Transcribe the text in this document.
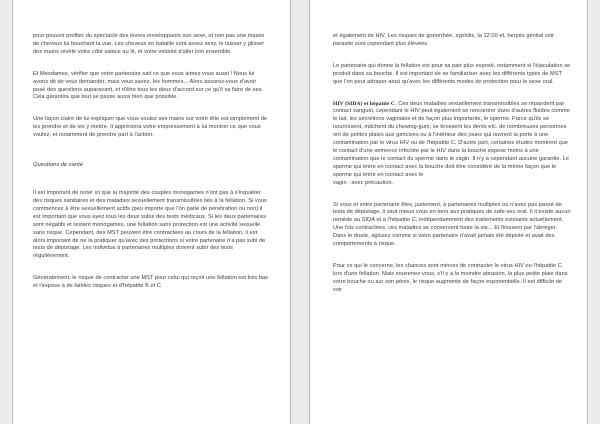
pour pouvoir profiter du spectacle des lèvres enveloppants son sexe, et non pas une masse de cheveux lui bouchant la vue. Les cheveux en bataille sont assez sexy, le laisser y glisser des mains révèle votre côté salace au lit, et votre volonté d'aller loin ensemble.

Et Mesdames, vérifier que votre partenaire sait ce que vous aimez vous aussi ! Nous lui avons dit de vous demander, mais vous savez, les hommes... Alors assurez-vous d'avoir posé des questions auparavant, et d'être tous les deux d'accord sur ce qu'il va faire de ses. Cela garantira que tout se passe aussi bien que possible.

Une façon claire de lui expliquer que vous voulez ses mains sur votre tête est simplement de les prendre et de les y mettre. Il appréciera votre empressement à lui montrer ce que vous voulez, et notamment de prendre part à l'action.

Questions de santé

Il est important de noter ici que la majorité des couples monogames n'ont pas à s'inquiéter des risques sanitaires et des maladies sexuellement transmissibles liés à la fellation. Si vous commencez à être sexuellement actifs (peu importe que l'on parle de pénétration ou non) il est important que vous ayez tous les deux subis des tests médicaux. Si les deux partenaires sont négatifs et restent monogames, une fellation sans protection est une activité sexuelle sans risque. Cependant, des MST peuvent être contractées au cours de la fellation, il est alors important de ne la pratiquer qu'avec des protections si votre partenaire n'a pas subi de tests de dépistage. Les individus à partenaires multiples doivent subir des tests régulièrement.

Généralement, le risque de contracter une MST pour celui qui reçoit une fellation est très bas et l'expose à de faibles risques et d'hépatite B et C

et également de HIV. Les risques de gonorrhée, syphilis, la 12:00 et, herpès génital voir parasite sont cependant plus élevées.

Le partenaire qui donne la fellation est pour sa part plus exposé, notamment si l'éjaculation se produit dans sa bouche. Il est important de se familiariser avec les différents types de MST que l'on peut attraper ainsi qu'avec les différents modes de protection pour le sexe oral.

HIV (SIDA) et hépatite C. Ces deux maladies sexuellement transmissibles se répandent par contact sanguin, cependant le HIV peut également se rencontrer dans d'autres fluides comme le lait, les sécrétions vaginales et de façon plus importante, le sperme. Parce qu'ils se nourrissent, mâchent du chewing-gum, se brossent les dents etc. de nombreuses personnes ont de petites plaies aux gencives ou à l'intérieur des joues qui ouvrent la porte à une contamination par le virus HIV ou de l'hépatite C. D'autre part, certaines études montrent que le contact d'une semence infectée par le HIV dans la bouche expose moins à une contamination que le contact du sperme dans le vagin. Il n'y a cependant aucune garantie. Le sperme qui entre en contact avec la bouche doit être considéré de la même façon que le sperme qui entre en contact avec le
vagin : avec précaution.

Si vous et votre partenaire êtes, justement, à partenaires multiples ou n'avez pas passé de tests de dépistage, il vaut mieux vous en tenir aux pratiques de safe-sex oral. Il n'existe aucun remède au SIDA et à l'hépatite C, indépendamment des traitements existants actuellement. Une fois contractées, ces maladies se conservent toute la vie... Et finissent par l'abréger. Dans le doute, agissez comme si votre partenaire n'avait jamais été dépisté et avait des comportements à risque.

Pour ce qui le concerne, les chances sont minces de contracter le virus HIV ou l'hépatite C lors d'une fellation. Mais souvenez-vous, s'il y a la moindre abrasion, la plus petite plaie dans votre bouche ou sur son pénis, le risque augmente de façon exponentielle. Il est difficile de voir
